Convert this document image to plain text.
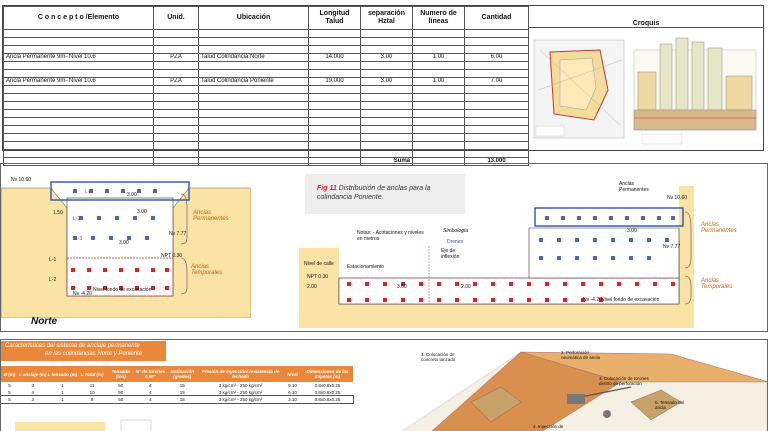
C o n c e p t o /Elemento	Unid.	Ubicación	Longitud Talud	separación Hztal	Numero de líneas	Cantidad

Ancla Permanente 9m- Nivel 10.6	PZA	Talud Colindancia Norte	14.000	3.00	1.00	6.00

Ancla Permanente 9m- Nivel 10.6	PZA	Talud Colindancia Poniente	19.000	3.00	1.00	7.00

				Suma		13.000
Croquis
Nv 10.60
L-1
L-2
L-3
1.50	3.00
3.00
3.00
Nv 7.77
NPT 0.30
Nv -4.20
Nivel fondo de excavación
L-1
L-2
Anclas Permanentes
Anclas Temporales
Norte
Fig 11 Distribución de anclas para la colindancia Poniente.
Anclas Permanentes
Notas: - Acotaciones y niveles en metros
Simbología
Drenes
Eje de inflexión
Estacionamiento
Nivel de calle
NPT 0.30
Nv 10.60
Nv 7.77
Nv -4.20 Nivel fondo de excavación
2.00	3.00	2.00
3.00
Anclas Permanentes
Anclas Temporales
Características del sistema de anclaje permanente
en las colindancias Norte y Poniente
Ø (m)	L anclaje (m)	L tensado (m)	L Total (m)	Tensado (ton)	N° de torones 0.60"	Inclinación (grados)	Presión de inyección/ resistencia de lechada	Nivel	Dimensiones de las Zapatas (m)
5	3	1	11	50	4	15	3 kg/cm² - 250 kg/cm²	9.10	0.8x0.8x0.25
5	4	1	10	50	4	15	3 kg/cm² - 250 kg/cm²	6.10	0.8x0.8x0.25
5	3	1	9	50	4	15	3 kg/cm² - 250 kg/cm²	3.10	0.8x0.8x0.25
1. Colocación de concreto lanzado
2. Perforación neumática de ancla
3. Colocación de torones dentro de perforación
4. Inyección de
5. Tensado del ancla
